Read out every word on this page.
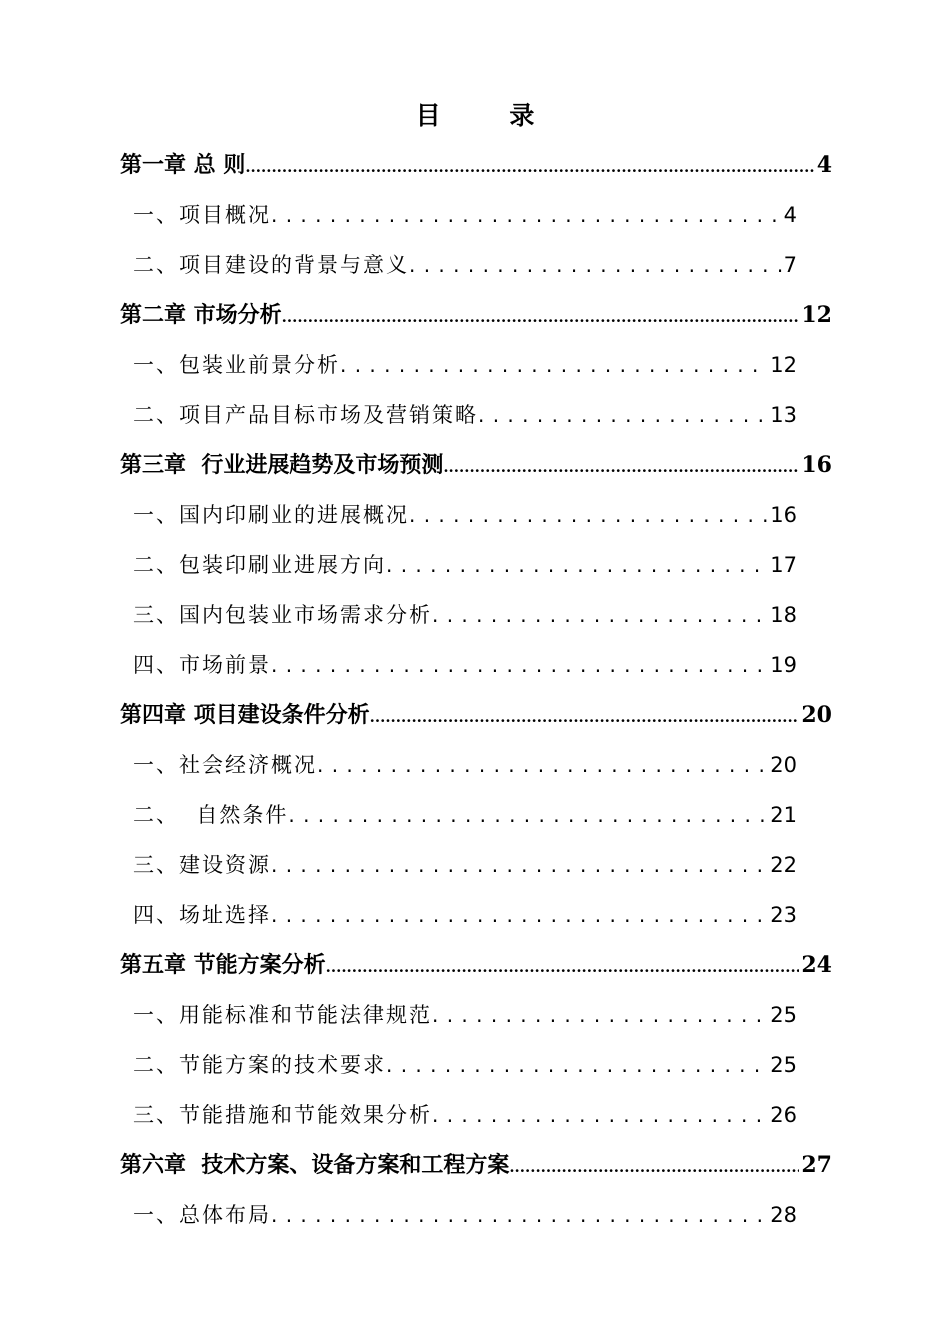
目 录
第一章 总 则 .....	4
一、项目概况 . . .	4
二、项目建设的背景与意义 . . .	7
第二章 市场分析 .....	12
一、包装业前景分析 . . .	12
二、项目产品目标市场及营销策略 . . .	13
第三章  行业进展趋势及市场预测 .....	16
一、国内印刷业的进展概况 . . .	16
二、包装印刷业进展方向 . . .	17
三、国内包装业市场需求分析 . . .	18
四、市场前景 . . .	19
第四章 项目建设条件分析 .....	20
一、社会经济概况 . . .	20
二、  自然条件 . . .	21
三、建设资源 . . .	22
四、场址选择 . . .	23
第五章 节能方案分析 .....	24
一、用能标准和节能法律规范 . . .	25
二、节能方案的技术要求 . . .	25
三、节能措施和节能效果分析 . . .	26
第六章  技术方案、设备方案和工程方案 .....	27
一、总体布局 . . .	28
